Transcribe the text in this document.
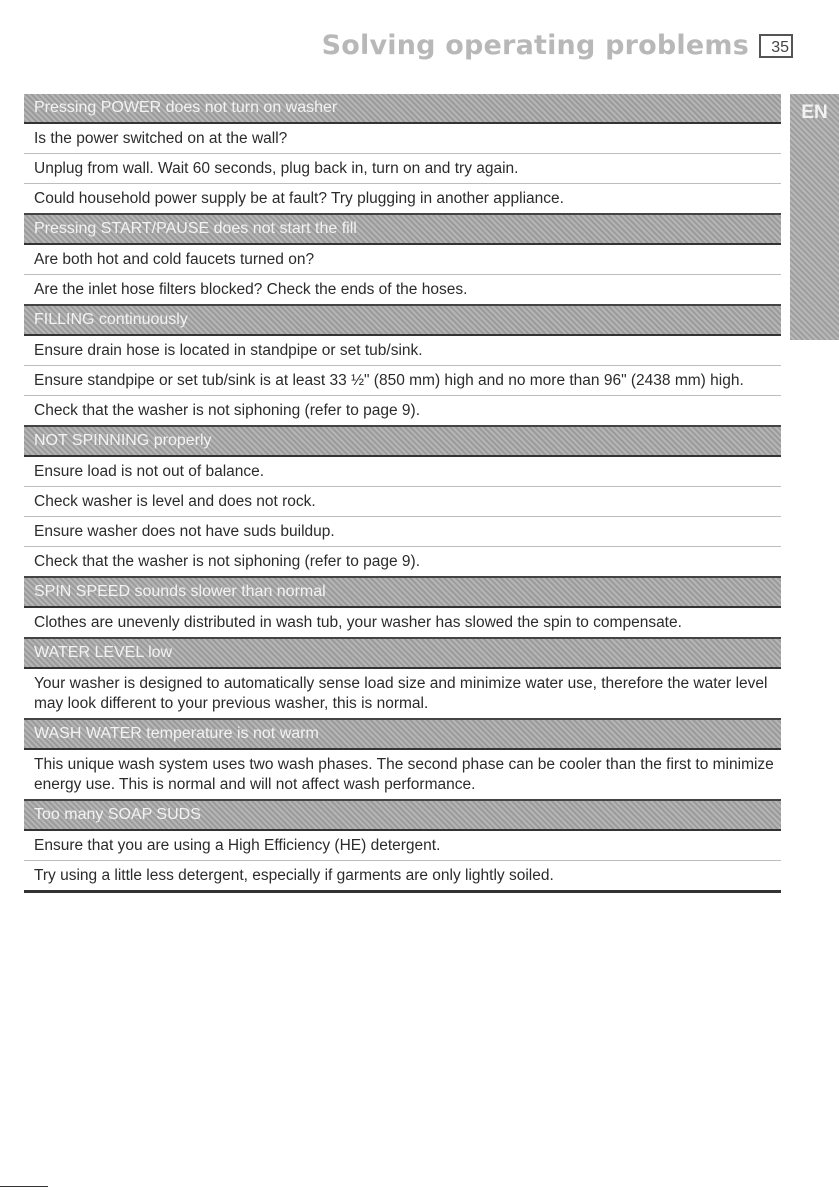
Solving operating problems	35
EN
Pressing POWER does not turn on washer
Is the power switched on at the wall?
Unplug from wall. Wait 60 seconds, plug back in, turn on and try again.
Could household power supply be at fault? Try plugging in another appliance.
Pressing START/PAUSE does not start the fill
Are both hot and cold faucets turned on?
Are the inlet hose filters blocked? Check the ends of the hoses.
FILLING continuously
Ensure drain hose is located in standpipe or set tub/sink.
Ensure standpipe or set tub/sink is at least 33 ½" (850 mm) high and no more than 96" (2438 mm) high.
Check that the washer is not siphoning (refer to page 9).
NOT SPINNING properly
Ensure load is not out of balance.
Check washer is level and does not rock.
Ensure washer does not have suds buildup.
Check that the washer is not siphoning (refer to page 9).
SPIN SPEED sounds slower than normal
Clothes are unevenly distributed in wash tub, your washer has slowed the spin to compensate.
WATER LEVEL low
Your washer is designed to automatically sense load size and minimize water use, therefore the water level may look different to your previous washer, this is normal.
WASH WATER temperature is not warm
This unique wash system uses two wash phases. The second phase can be cooler than the first to minimize energy use. This is normal and will not affect wash performance.
Too many SOAP SUDS
Ensure that you are using a High Efficiency (HE) detergent.
Try using a little less detergent, especially if garments are only lightly soiled.
